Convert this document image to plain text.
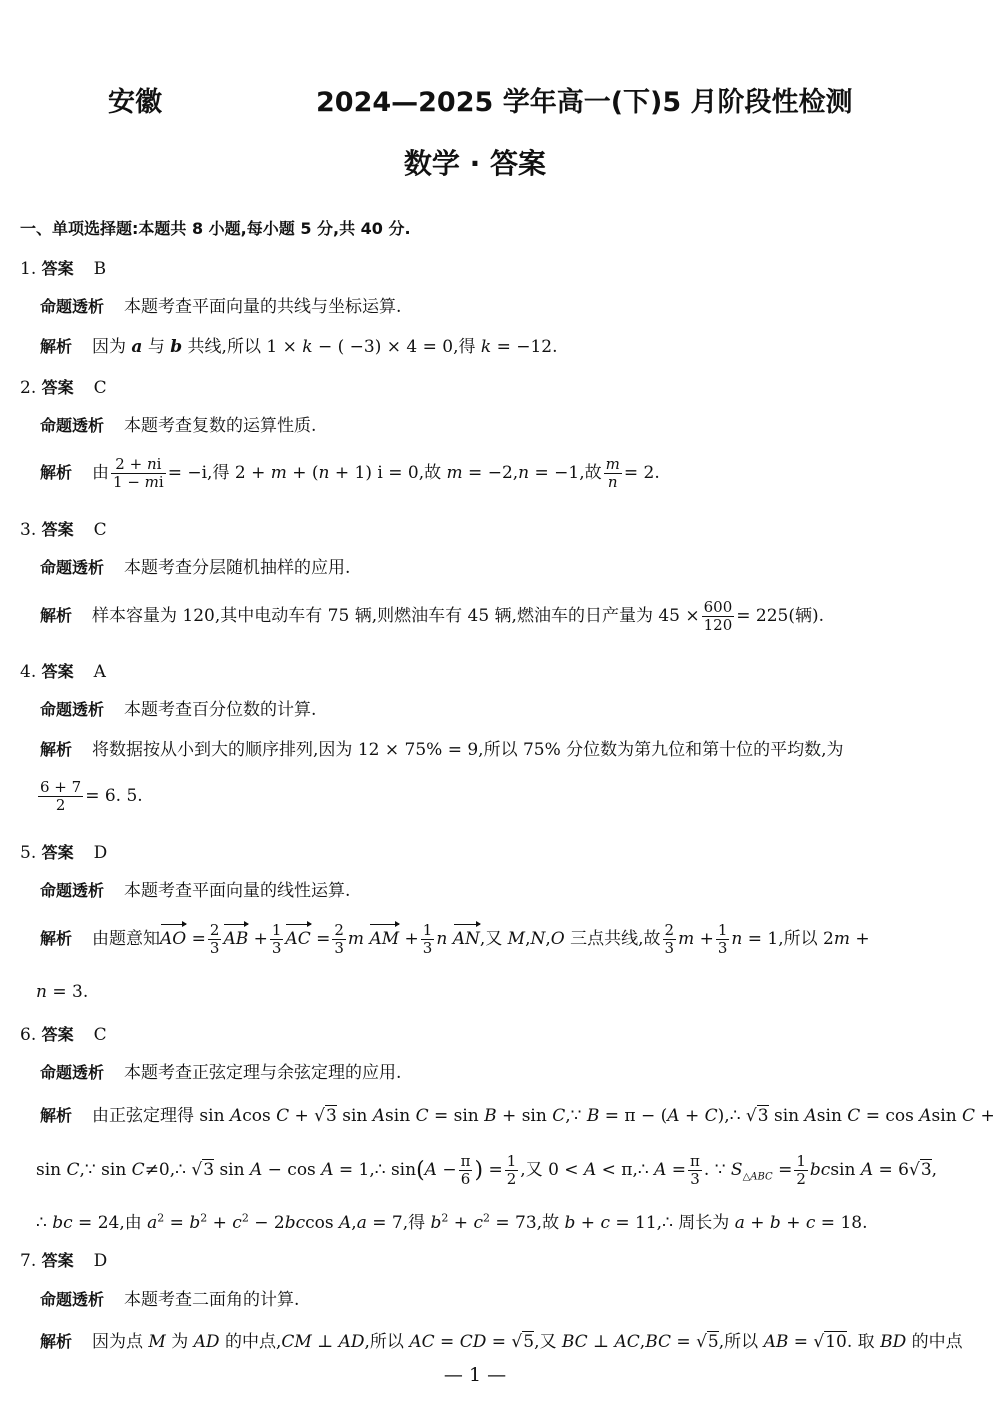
安徽	2024—2025 学年高一(下)5 月阶段性检测
数学 · 答案
一、单项选择题:本题共 8 小题,每小题 5 分,共 40 分.
1. 答案 B
命题透析 本题考查平面向量的共线与坐标运算.
解析 因为 a 与 b 共线,所以 1 × k − ( −3) × 4 = 0,得 k = −12.
2. 答案 C
命题透析 本题考查复数的运算性质.
解析 由 $\frac{2 + ni}{1 - mi} = -i$,得 2 + m + (n + 1) i = 0,故 m = −2,n = −1,故 $\frac{m}{n} = 2$.
3. 答案 C
命题透析 本题考查分层随机抽样的应用.
解析 样本容量为 120,其中电动车有 75 辆,则燃油车有 45 辆,燃油车的日产量为 $45 \times \frac{600}{120} = 225$(辆).
4. 答案 A
命题透析 本题考查百分位数的计算.
解析 将数据按从小到大的顺序排列,因为 12 × 75% = 9,所以 75% 分位数为第九位和第十位的平均数,为
$\frac{6 + 7}{2} = 6$. 5.
5. 答案 D
命题透析 本题考查平面向量的线性运算.
解析 由题意知AO = $\frac{2}{3}$ AB + $\frac{1}{3}$ AC = $\frac{2}{3}$ m AM + $\frac{1}{3}$ n AN,又 M,N,O 三点共线,故 $\frac{2}{3}$ $m + \frac{1}{3}$ n = 1,所以 2m +
n = 3.
6. 答案 C
命题透析 本题考查正弦定理与余弦定理的应用.
解析 由正弦定理得 sin Acos C + √3 sin Asin C = sin B + sin C,∵ B = π − (A + C),∴ √3 sin Asin C = cos Asin C +
sin C,∵ sin C≠0,∴ √3 sin A − cos A = 1,∴ $\sin(A - \frac{\pi}{6}$ ) = $\frac{1}{2}$ ,又 0 < A < π,∴ $A = \frac{\pi}{3}$ . ∵ $S_{\triangle ABC} = \frac{1}{2}$ bcsin A = 6√3,
∴ bc = 24,由 $a^2 = b^2 + c^2 - 2bccos$ A,a = 7,得 $b^2 + c^2 = 73$,故 b + c = 11,∴ 周长为 a + b + c = 18.
7. 答案 D
命题透析 本题考查二面角的计算.
解析 因为点 M 为 AD 的中点,CM ⊥ AD,所以 AC = CD = √5,又 BC ⊥ AC,BC = √5,所以 AB = √10. 取 BD 的中点
— 1 —
